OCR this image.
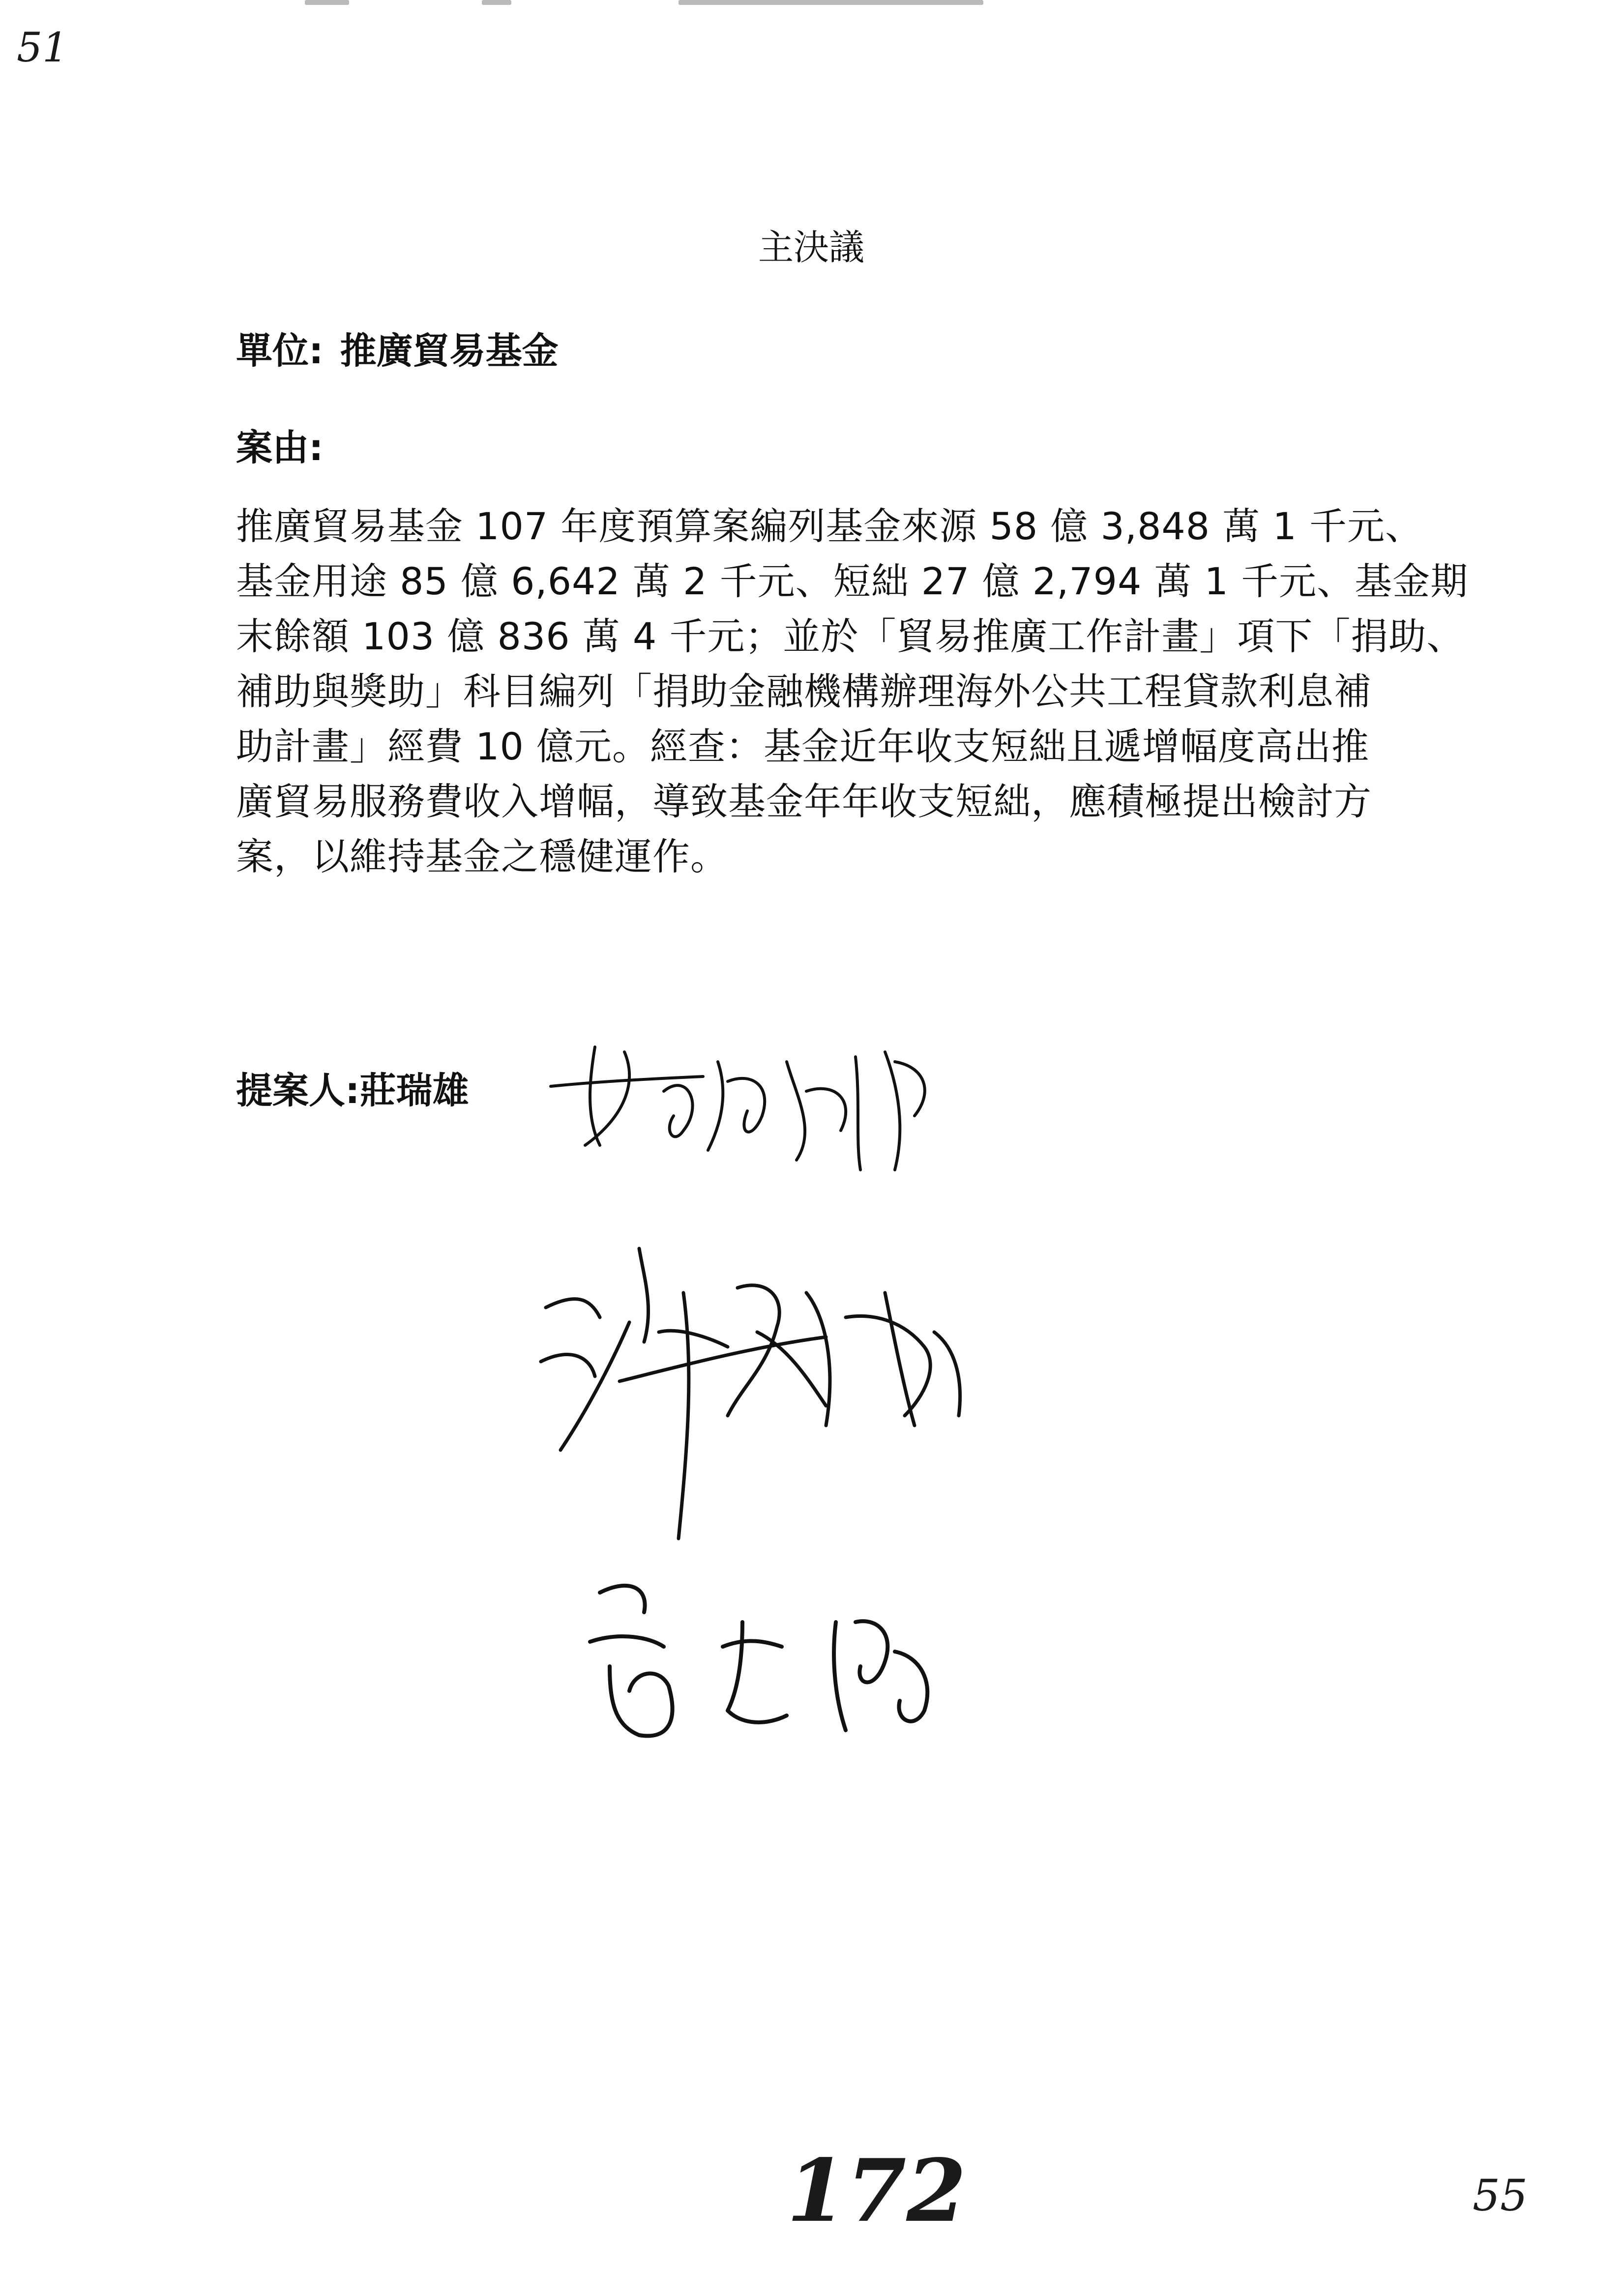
51
主決議
單位: 推廣貿易基金
案由:
推廣貿易基金 107 年度預算案編列基金來源 58 億 3,848 萬 1 千元、
基金用途 85 億 6,642 萬 2 千元、短絀 27 億 2,794 萬 1 千元、基金期
末餘額 103 億 836 萬 4 千元；並於「貿易推廣工作計畫」項下「捐助、
補助與獎助」科目編列「捐助金融機構辦理海外公共工程貸款利息補
助計畫」經費 10 億元。經查：基金近年收支短絀且遞增幅度高出推
廣貿易服務費收入增幅，導致基金年年收支短絀，應積極提出檢討方
案，以維持基金之穩健運作。
提案人:莊瑞雄
172	55
